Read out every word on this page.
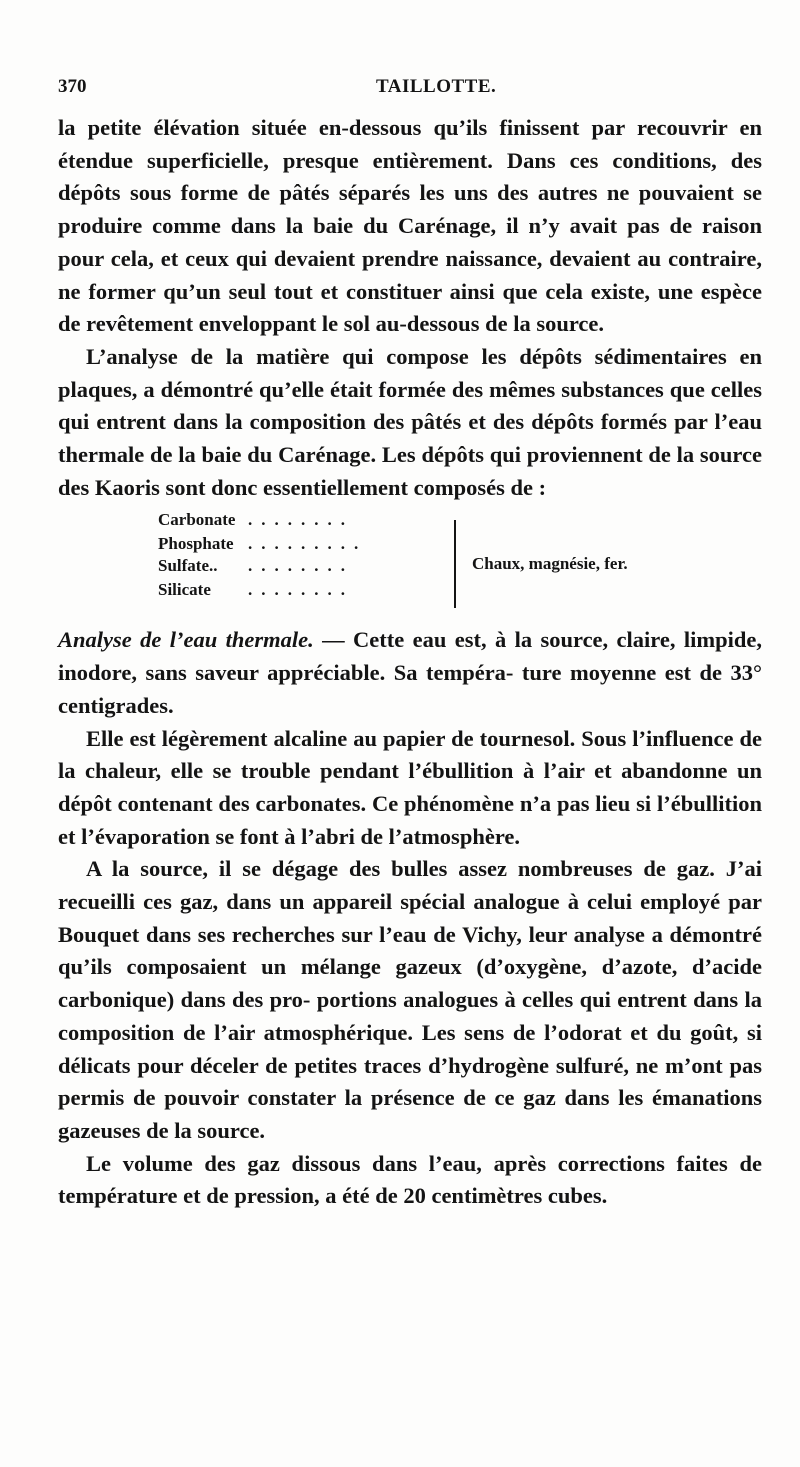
370	TAILLOTTE.

la petite élévation située en-dessous qu’ils finissent par recouvrir en étendue superficielle, presque entièrement. Dans ces conditions, des dépôts sous forme de pâtés séparés les uns des autres ne pouvaient se produire comme dans la baie du Carénage, il n’y avait pas de raison pour cela, et ceux qui devaient prendre naissance, devaient au contraire, ne former qu’un seul tout et constituer ainsi que cela existe, une espèce de revêtement enveloppant le sol au-dessous de la source.

L’analyse de la matière qui compose les dépôts sédimentaires en plaques, a démontré qu’elle était formée des mêmes substances que celles qui entrent dans la composition des pâtés et des dépôts formés par l’eau thermale de la baie du Carénage. Les dépôts qui proviennent de la source des Kaoris sont donc essentiellement composés de :

Carbonate ........
Phosphate .........
Sulfate.. ........
Silicate ........
Chaux, magnésie, fer.

Analyse de l’eau thermale. — Cette eau est, à la source, claire, limpide, inodore, sans saveur appréciable. Sa tempéra- ture moyenne est de 33° centigrades.

Elle est légèrement alcaline au papier de tournesol. Sous l’influence de la chaleur, elle se trouble pendant l’ébullition à l’air et abandonne un dépôt contenant des carbonates. Ce phénomène n’a pas lieu si l’ébullition et l’évaporation se font à l’abri de l’atmosphère.

A la source, il se dégage des bulles assez nombreuses de gaz. J’ai recueilli ces gaz, dans un appareil spécial analogue à celui employé par Bouquet dans ses recherches sur l’eau de Vichy, leur analyse a démontré qu’ils composaient un mélange gazeux (d’oxygène, d’azote, d’acide carbonique) dans des pro- portions analogues à celles qui entrent dans la composition de l’air atmosphérique. Les sens de l’odorat et du goût, si délicats pour déceler de petites traces d’hydrogène sulfuré, ne m’ont pas permis de pouvoir constater la présence de ce gaz dans les émanations gazeuses de la source.

Le volume des gaz dissous dans l’eau, après corrections faites de température et de pression, a été de 20 centimètres cubes.
